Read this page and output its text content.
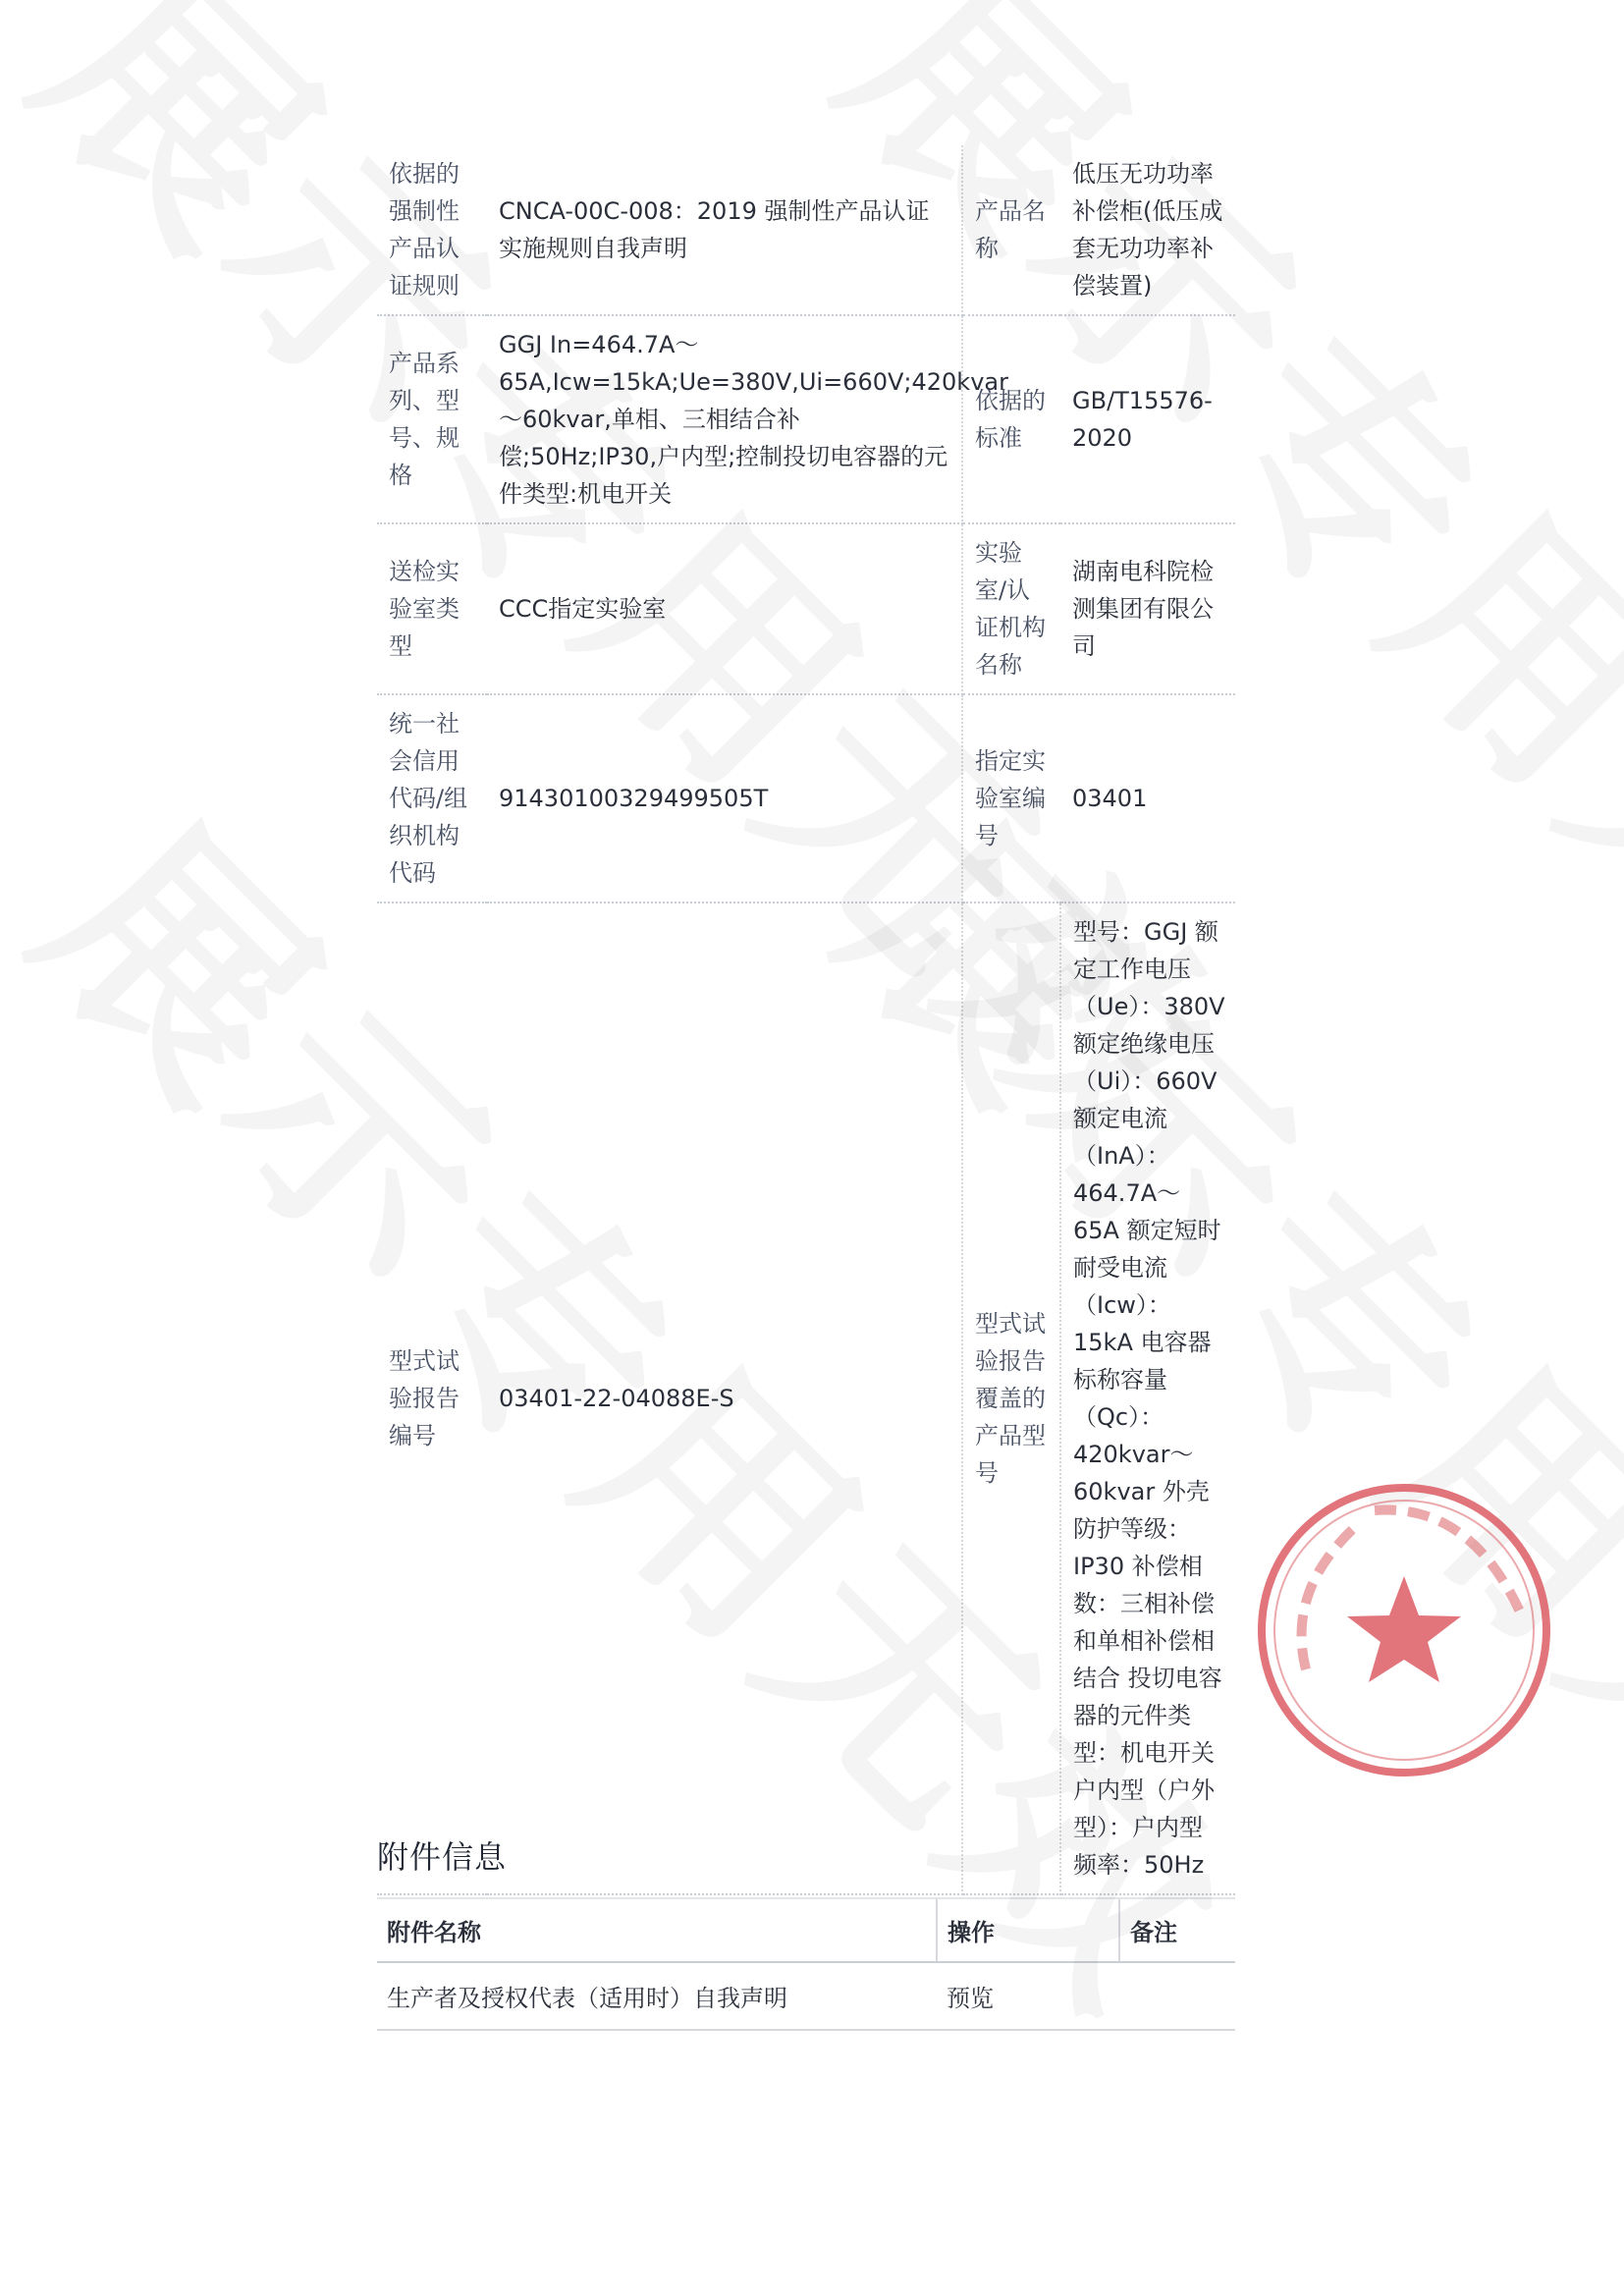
依据的强制性产品认证规则	CNCA-00C-008：2019 强制性产品认证实施规则自我声明	产品名称	低压无功功率补偿柜(低压成套无功功率补偿装置)
产品系列、型号、规格	GGJ In=464.7A～65A,Icw=15kA;Ue=380V,Ui=660V;420kvar～60kvar,单相、三相结合补偿;50Hz;IP30,户内型;控制投切电容器的元件类型:机电开关	依据的标准	GB/T15576-2020
送检实验室类型	CCC指定实验室	实验室/认证机构名称	湖南电科院检测集团有限公司
统一社会信用代码/组织机构代码	91430100329499505T	指定实验室编号	03401
型式试验报告编号	03401-22-04088E-S	型式试验报告覆盖的产品型号	型号：GGJ 额定工作电压（Ue）：380V 额定绝缘电压（Ui）：660V 额定电流（InA）：464.7A～65A 额定短时耐受电流（Icw）：15kA 电容器标称容量（Qc）：420kvar～60kvar 外壳防护等级：IP30 补偿相数：三相补偿和单相补偿相结合 投切电容器的元件类型：机电开关 户内型（户外型）：户内型 频率：50Hz
附件信息
附件名称	操作	备注
生产者及授权代表（适用时）自我声明	预览	
